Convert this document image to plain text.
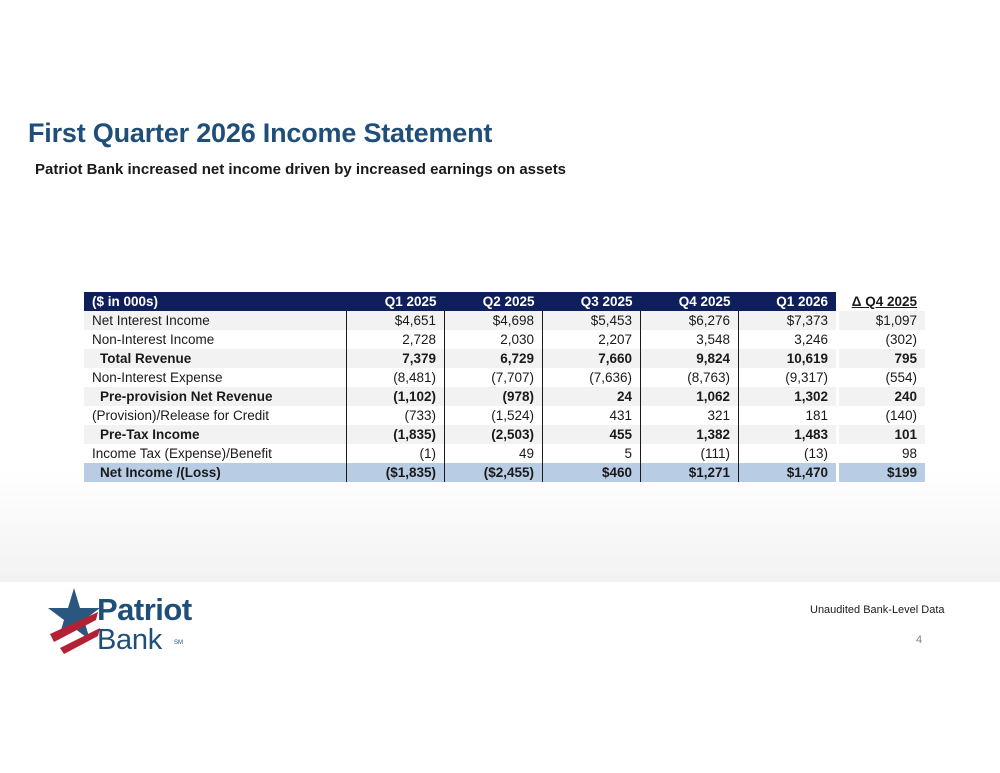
First Quarter 2026 Income Statement

Patriot Bank increased net income driven by increased earnings on assets

($ in 000s)	Q1 2025	Q2 2025	Q3 2025	Q4 2025	Q1 2026		Δ Q4 2025
Net Interest Income	$4,651	$4,698	$5,453	$6,276	$7,373		$1,097
Non-Interest Income	2,728	2,030	2,207	3,548	3,246		(302)
Total Revenue	7,379	6,729	7,660	9,824	10,619		795
Non-Interest Expense	(8,481)	(7,707)	(7,636)	(8,763)	(9,317)		(554)
Pre-provision Net Revenue	(1,102)	(978)	24	1,062	1,302		240
(Provision)/Release for Credit	(733)	(1,524)	431	321	181		(140)
Pre-Tax Income	(1,835)	(2,503)	455	1,382	1,483		101
Income Tax (Expense)/Benefit	(1)	49	5	(111)	(13)		98
Net Income /(Loss)	($1,835)	($2,455)	$460	$1,271	$1,470		$199
Patriot
Bank SM
Unaudited Bank-Level Data
4
